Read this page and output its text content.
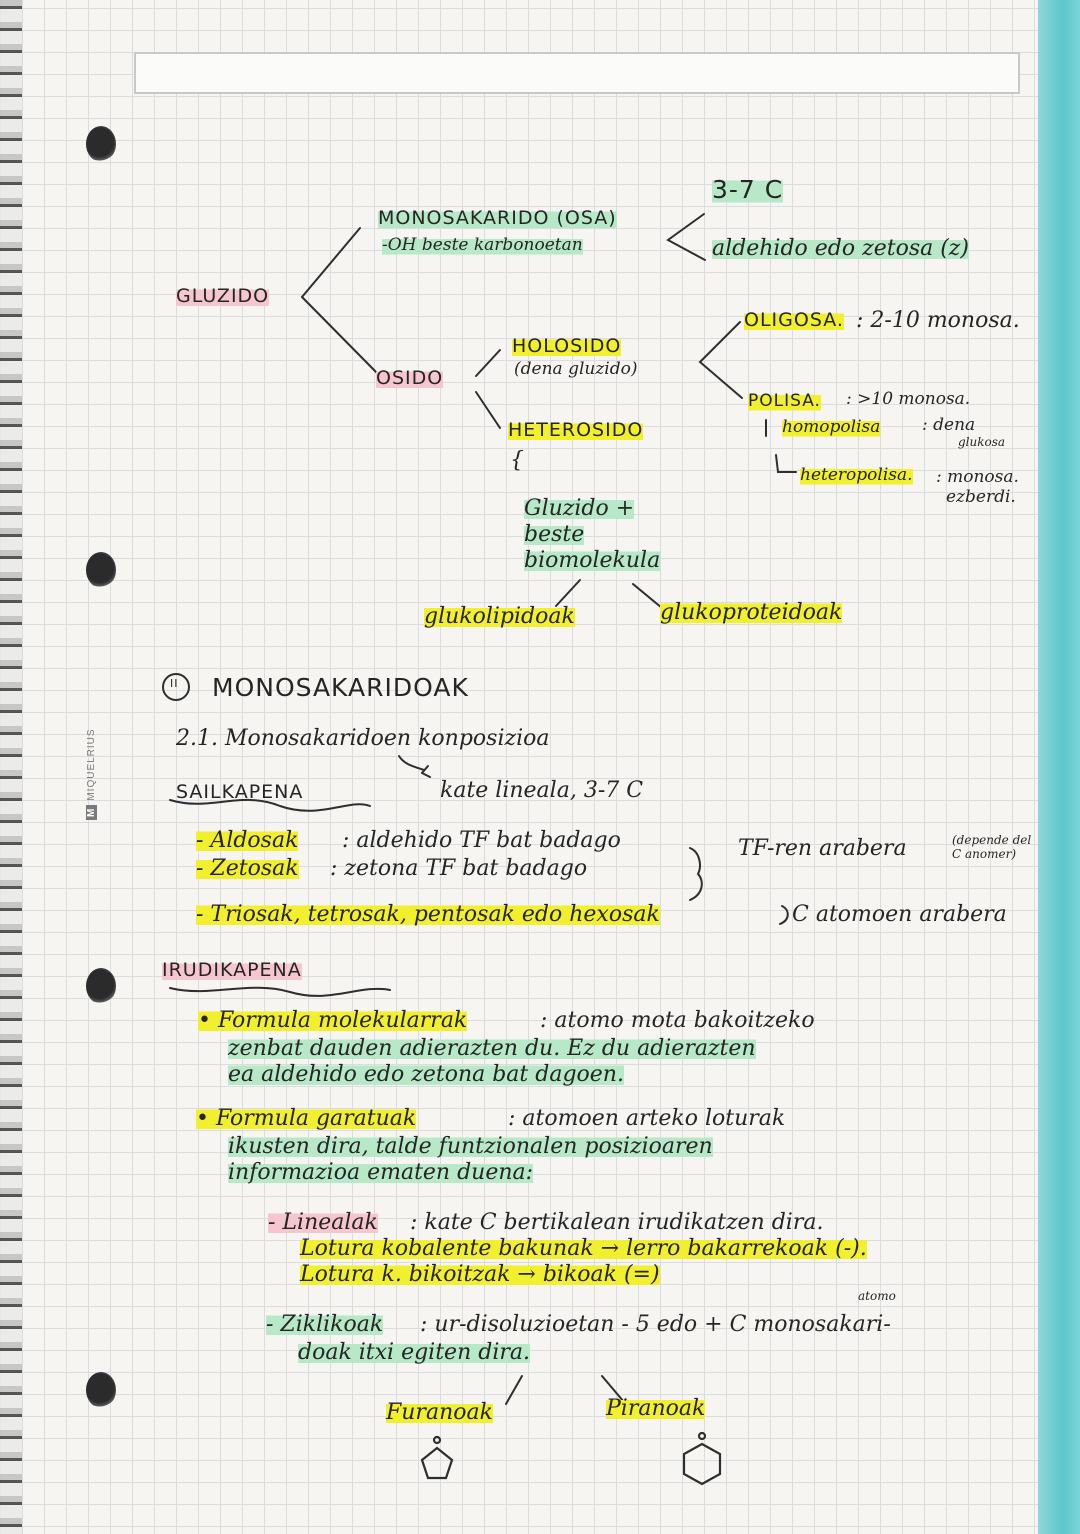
MMIQUELRIUS
GLUZIDO
MONOSAKARIDO (OSA)
-OH beste karbonoetan
3-7 C
aldehido edo zetosa (z)
OSIDO
HOLOSIDO
(dena gluzido)
HETEROSIDO
{
Gluzido +
beste
biomolekula
glukolipidoak	glukoproteidoak
OLIGOSA. : 2-10 monosa.
POLISA. : >10 monosa.
homopolisa : dena
glukosa
heteropolisa. : monosa.
ezberdi.
II MONOSAKARIDOAK
2.1. Monosakaridoen konposizioa
kate lineala, 3-7 C
SAILKAPENA
- Aldosak : aldehido TF bat badago
- Zetosak : zetona TF bat badago
TF-ren arabera	(depende del C anomer)
- Triosak, tetrosak, pentosak edo hexosak	C atomoen arabera
IRUDIKAPENA
• Formula molekularrak	: atomo mota bakoitzeko
zenbat dauden adierazten du. Ez du adierazten
ea aldehido edo zetona bat dagoen.
• Formula garatuak	: atomoen arteko loturak
ikusten dira, talde funtzionalen posizioaren
informazioa ematen duena:
- Linealak : kate C bertikalean irudikatzen dira.
Lotura kobalente bakunak → lerro bakarrekoak (-).
Lotura k. bikoitzak → bikoak (=)
atomo
- Ziklikoak : ur-disoluzioetan - 5 edo + C monosakari-
doak itxi egiten dira.
Furanoak	Piranoak
